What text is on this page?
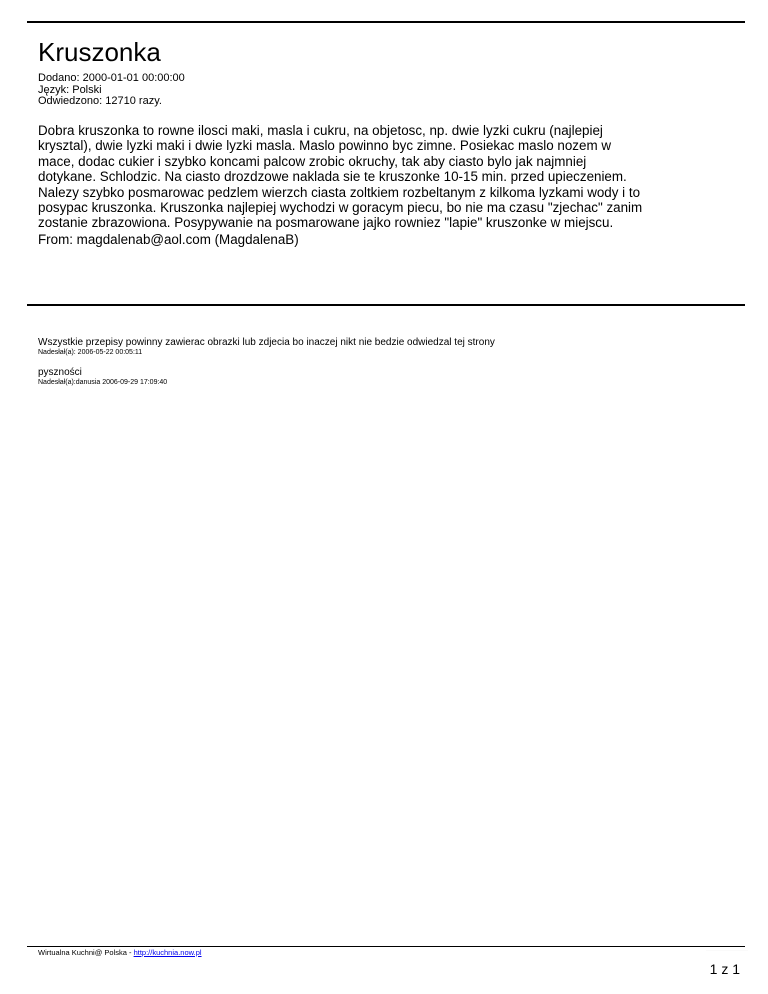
Kruszonka
Dodano: 2000-01-01 00:00:00
Język: Polski
Odwiedzono: 12710 razy.

Dobra kruszonka to rowne ilosci maki, masla i cukru, na objetosc, np. dwie lyzki cukru (najlepiej krysztal), dwie lyzki maki i dwie lyzki masla. Maslo powinno byc zimne. Posiekac maslo nozem w mace, dodac cukier i szybko koncami palcow zrobic okruchy, tak aby ciasto bylo jak najmniej dotykane. Schlodzic. Na ciasto drozdzowe naklada sie te kruszonke 10-15 min. przed upieczeniem. Nalezy szybko posmarowac pedzlem wierzch ciasta zoltkiem rozbeltanym z kilkoma lyzkami wody i to posypac kruszonka. Kruszonka najlepiej wychodzi w goracym piecu, bo nie ma czasu "zjechac" zanim zostanie zbrazowiona. Posypywanie na posmarowane jajko rowniez "lapie" kruszonke w miejscu.

From: magdalenab@aol.com (MagdalenaB)

Wszystkie przepisy powinny zawierac obrazki lub zdjecia bo inaczej nikt nie bedzie odwiedzal tej strony
Nadesłał(a): 2006-05-22 00:05:11
pyszności
Nadesłał(a):danusia 2006-09-29 17:09:40
Wirtualna Kuchni@ Polska - http://kuchnia.now.pl	··········································
1 z 1
